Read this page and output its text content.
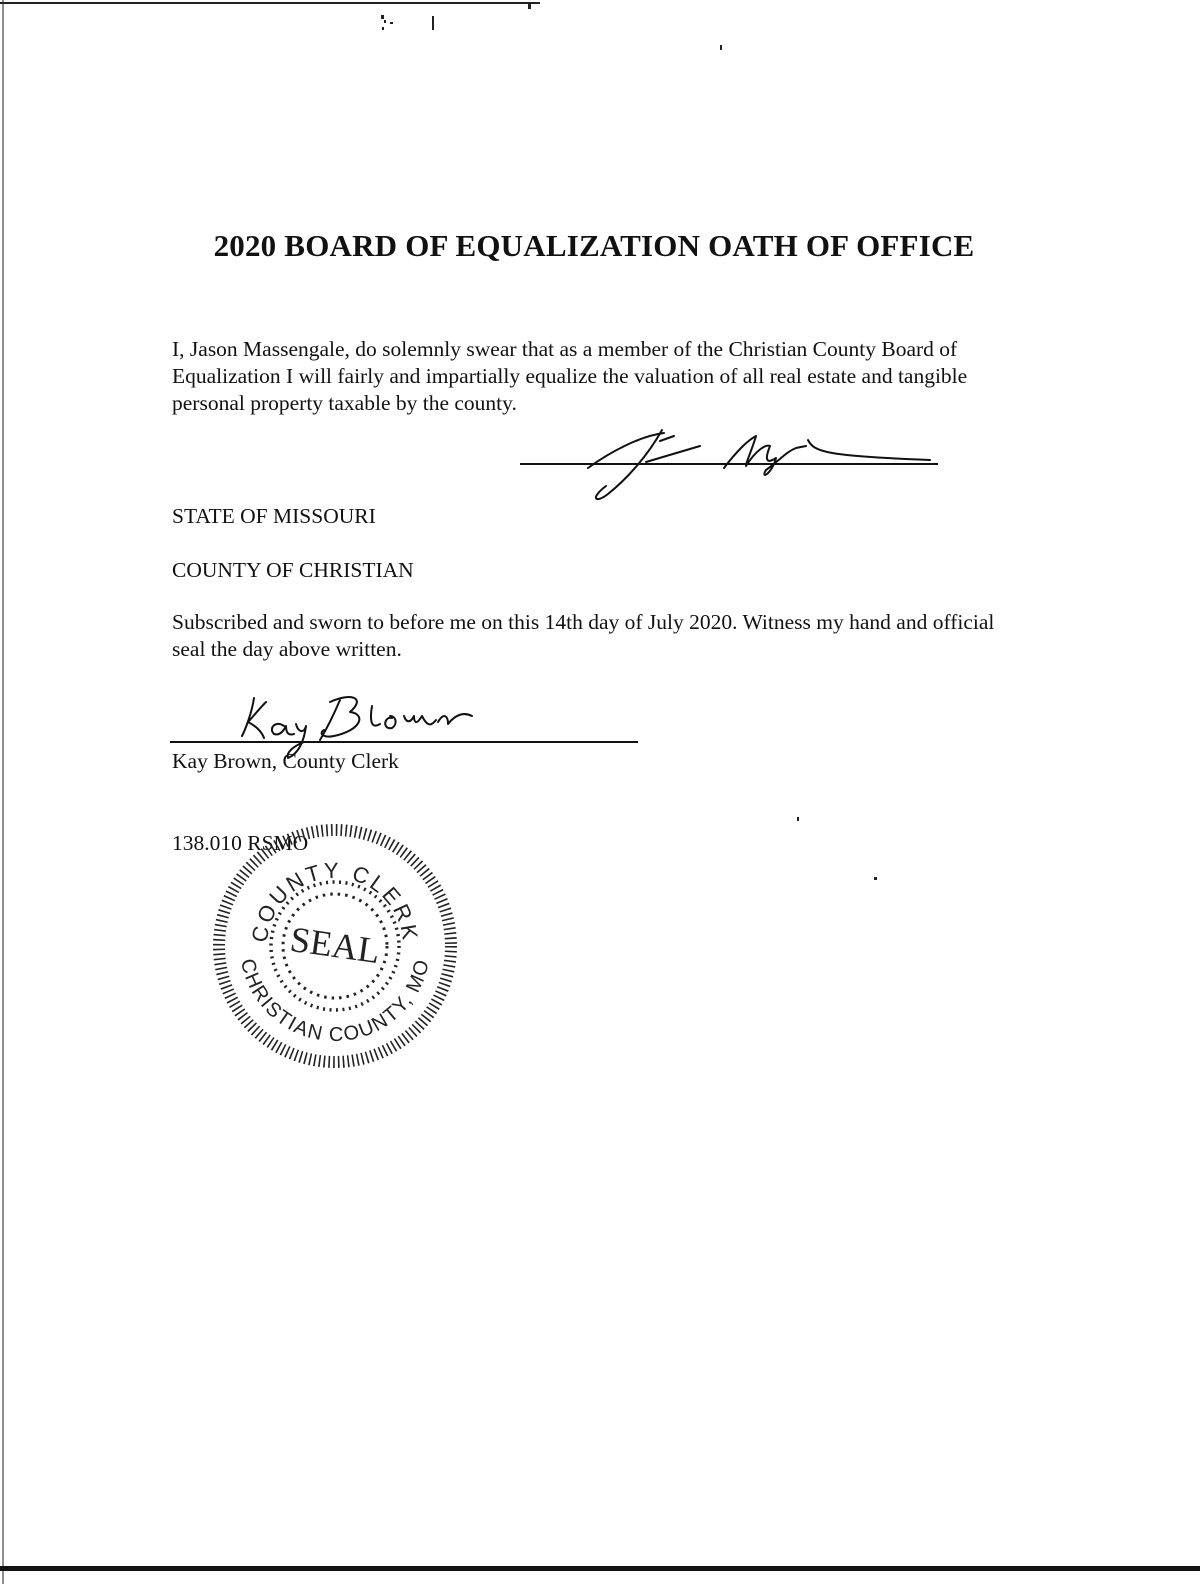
2020 BOARD OF EQUALIZATION OATH OF OFFICE
I, Jason Massengale, do solemnly swear that as a member of the Christian County Board of Equalization I will fairly and impartially equalize the valuation of all real estate and tangible personal property taxable by the county.
STATE OF MISSOURI
COUNTY OF CHRISTIAN
Subscribed and sworn to before me on this 14th day of July 2020. Witness my hand and official seal the day above written.
Kay Brown, County Clerk
138.010 RSMO
COUNTY CLERK
CHRISTIAN COUNTY, MO
SEAL
